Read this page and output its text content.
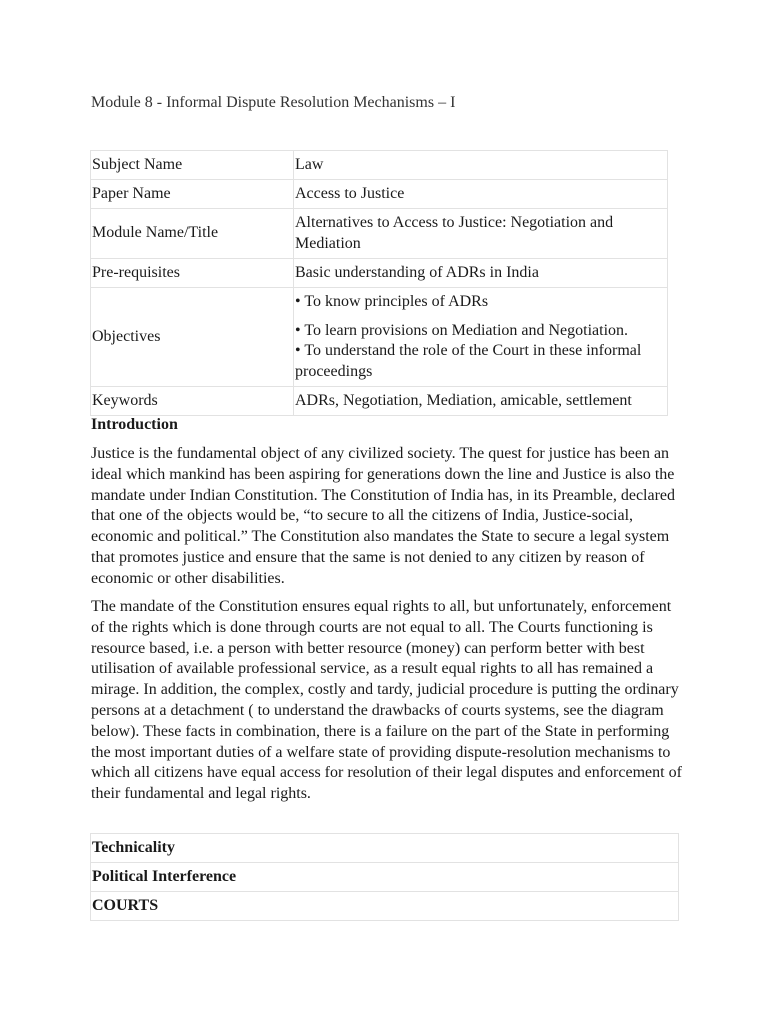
Module 8 - Informal Dispute Resolution Mechanisms – I
Subject Name	Law
Paper Name	Access to Justice
Module Name/Title	Alternatives to Access to Justice: Negotiation and Mediation
Pre-requisites	Basic understanding of ADRs in India
Objectives	• To know principles of ADRs
• To learn provisions on Mediation and Negotiation.
• To understand the role of the Court in these informal proceedings

Keywords	ADRs, Negotiation, Mediation, amicable, settlement
Introduction

Justice is the fundamental object of any civilized society. The quest for justice has been an ideal which mankind has been aspiring for generations down the line and Justice is also the mandate under Indian Constitution. The Constitution of India has, in its Preamble, declared that one of the objects would be, “to secure to all the citizens of India, Justice-social, economic and political.” The Constitution also mandates the State to secure a legal system that promotes justice and ensure that the same is not denied to any citizen by reason of economic or other disabilities.

The mandate of the Constitution ensures equal rights to all, but unfortunately, enforcement of the rights which is done through courts are not equal to all. The Courts functioning is resource based, i.e. a person with better resource (money) can perform better with best utilisation of available professional service, as a result equal rights to all has remained a mirage. In addition, the complex, costly and tardy, judicial procedure is putting the ordinary persons at a detachment ( to understand the drawbacks of courts systems, see the diagram below). These facts in combination, there is a failure on the part of the State in performing the most important duties of a welfare state of providing dispute-resolution mechanisms to which all citizens have equal access for resolution of their legal disputes and enforcement of their fundamental and legal rights.

Technicality
Political Interference
COURTS
